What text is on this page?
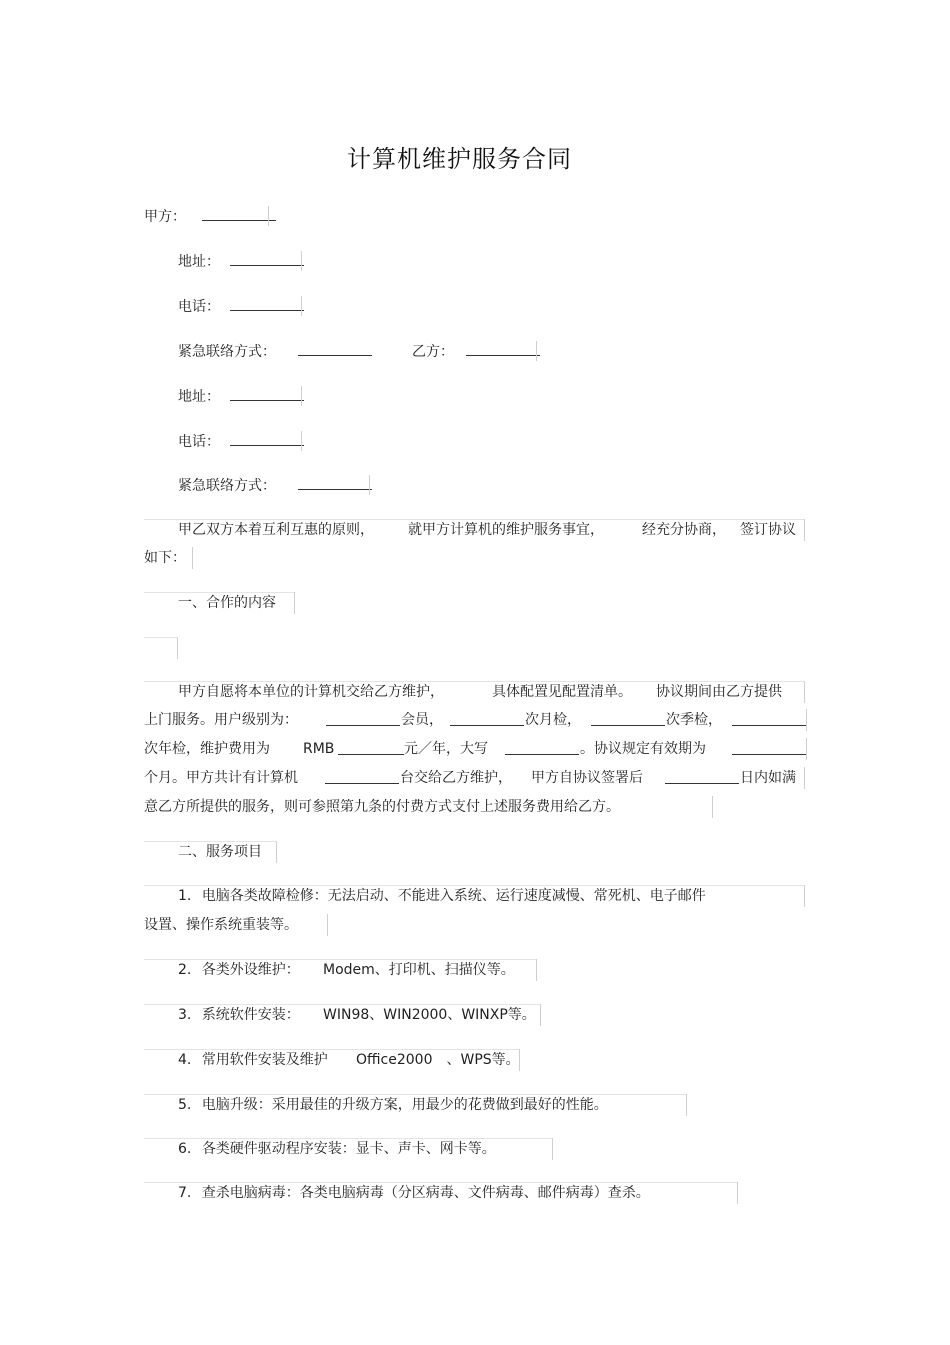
计算机维护服务合同
甲方：
地址：
电话：
紧急联络方式：	乙方：
地址：
电话：
紧急联络方式：
甲乙双方本着互利互惠的原则， 就甲方计算机的维护服务事宜，	经充分协商， 签订协议
如下：
一、合作的内容
甲方自愿将本单位的计算机交给乙方维护，	具体配置见配置清单。 协议期间由乙方提供
上门服务。用户级别为：	会员，	次月检，	次季检，
次年检，维护费用为 RMB	元／年，大写	。协议规定有效期为
个月。甲方共计有计算机	台交给乙方维护， 甲方自协议签署后	日内如满
意乙方所提供的服务，则可参照第九条的付费方式支付上述服务费用给乙方。
二、服务项目
1. 电脑各类故障检修：无法启动、不能进入系统、运行速度减慢、常死机、电子邮件
设置、操作系统重装等。
2. 各类外设维护： Modem、打印机、扫描仪等。
3. 系统软件安装： WIN98、WIN2000、WINXP等。
4. 常用软件安装及维护 Office2000　、WPS等。
5. 电脑升级：采用最佳的升级方案，用最少的花费做到最好的性能。
6. 各类硬件驱动程序安装：显卡、声卡、网卡等。
7. 查杀电脑病毒：各类电脑病毒（分区病毒、文件病毒、邮件病毒）查杀。
